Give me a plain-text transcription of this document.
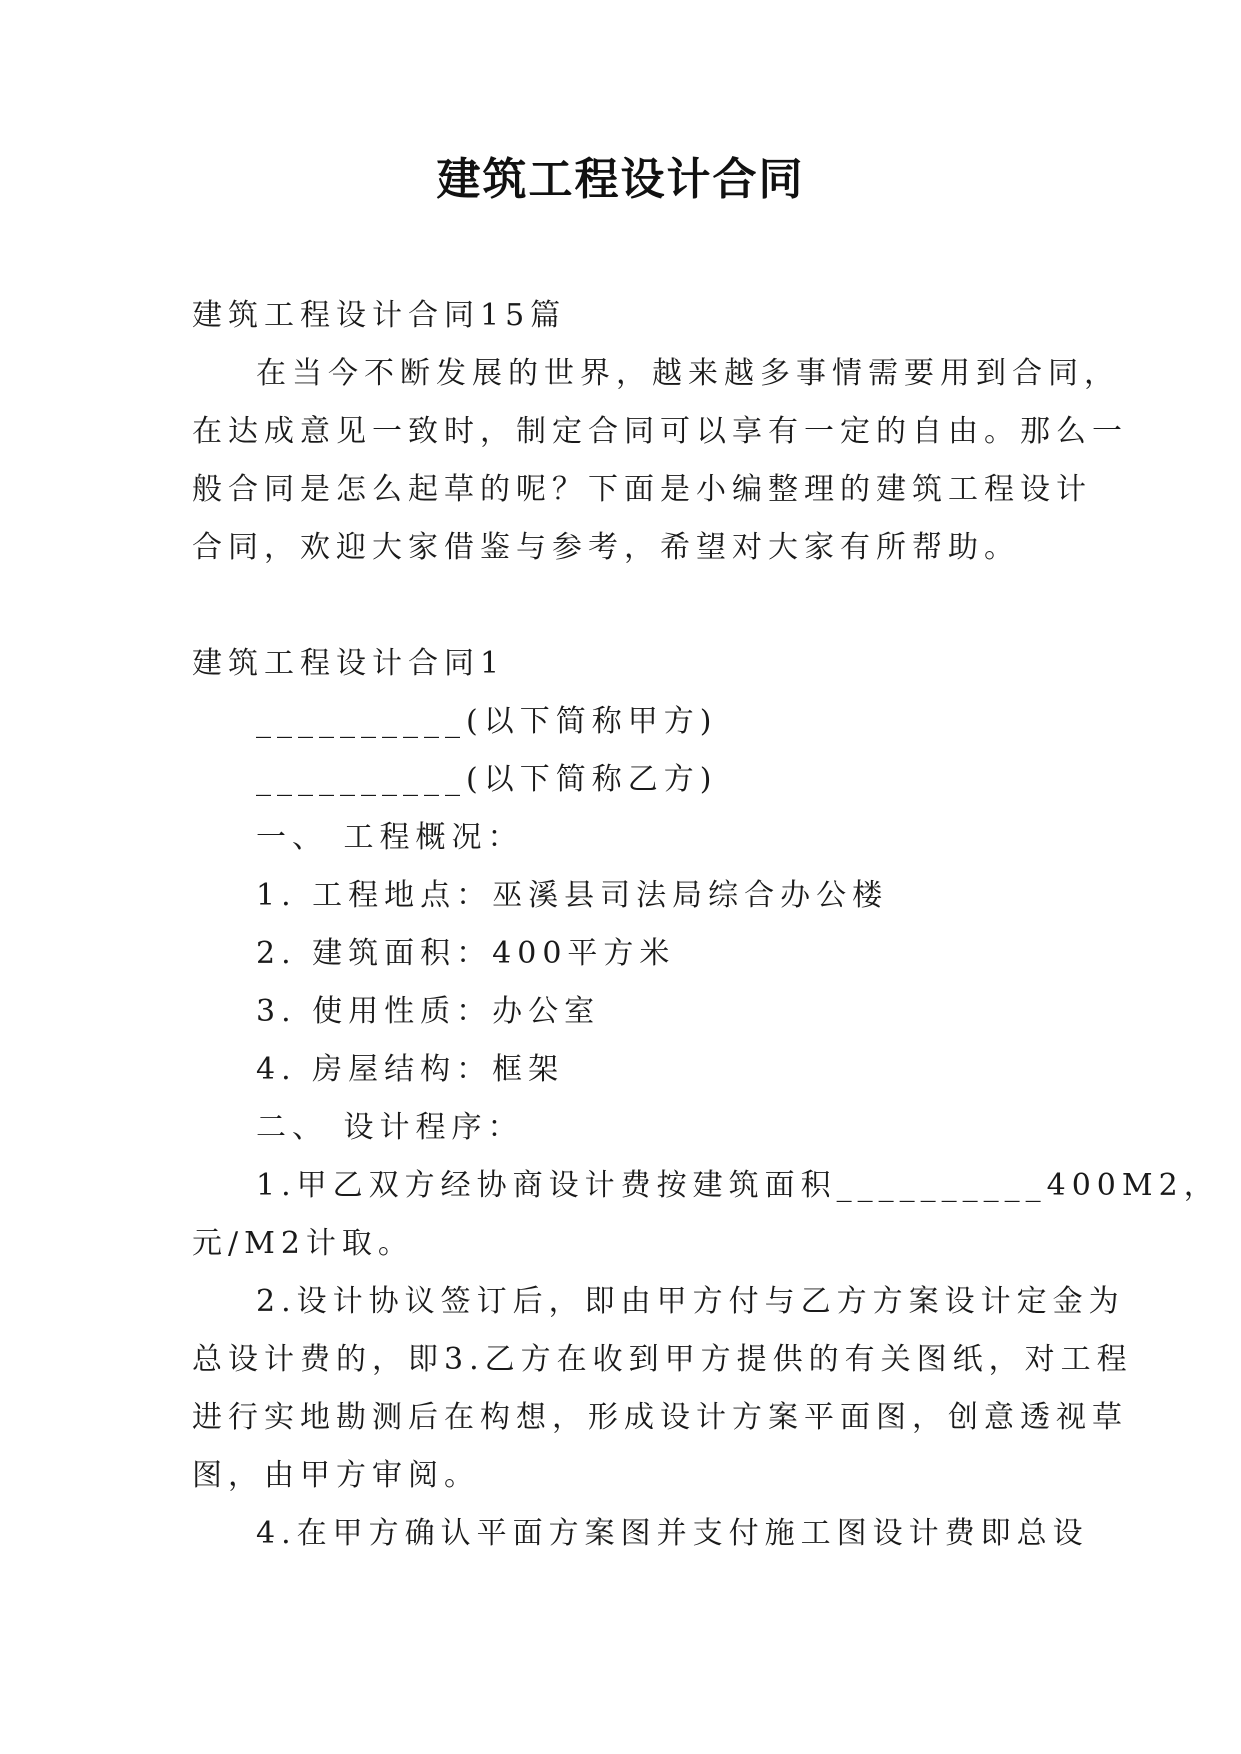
建筑工程设计合同
建筑工程设计合同15篇
在当今不断发展的世界，越来越多事情需要用到合同，
在达成意见一致时，制定合同可以享有一定的自由。那么一
般合同是怎么起草的呢？下面是小编整理的建筑工程设计
合同，欢迎大家借鉴与参考，希望对大家有所帮助。
建筑工程设计合同1
__________(以下简称甲方)
__________(以下简称乙方)
一、 工程概况：
1. 工程地点：巫溪县司法局综合办公楼
2. 建筑面积：400平方米
3. 使用性质：办公室
4. 房屋结构：框架
二、 设计程序：
1.甲乙双方经协商设计费按建筑面积__________400M2，
元/M2计取。
2.设计协议签订后，即由甲方付与乙方方案设计定金为
总设计费的，即3.乙方在收到甲方提供的有关图纸，对工程
进行实地勘测后在构想，形成设计方案平面图，创意透视草
图，由甲方审阅。
4.在甲方确认平面方案图并支付施工图设计费即总设
